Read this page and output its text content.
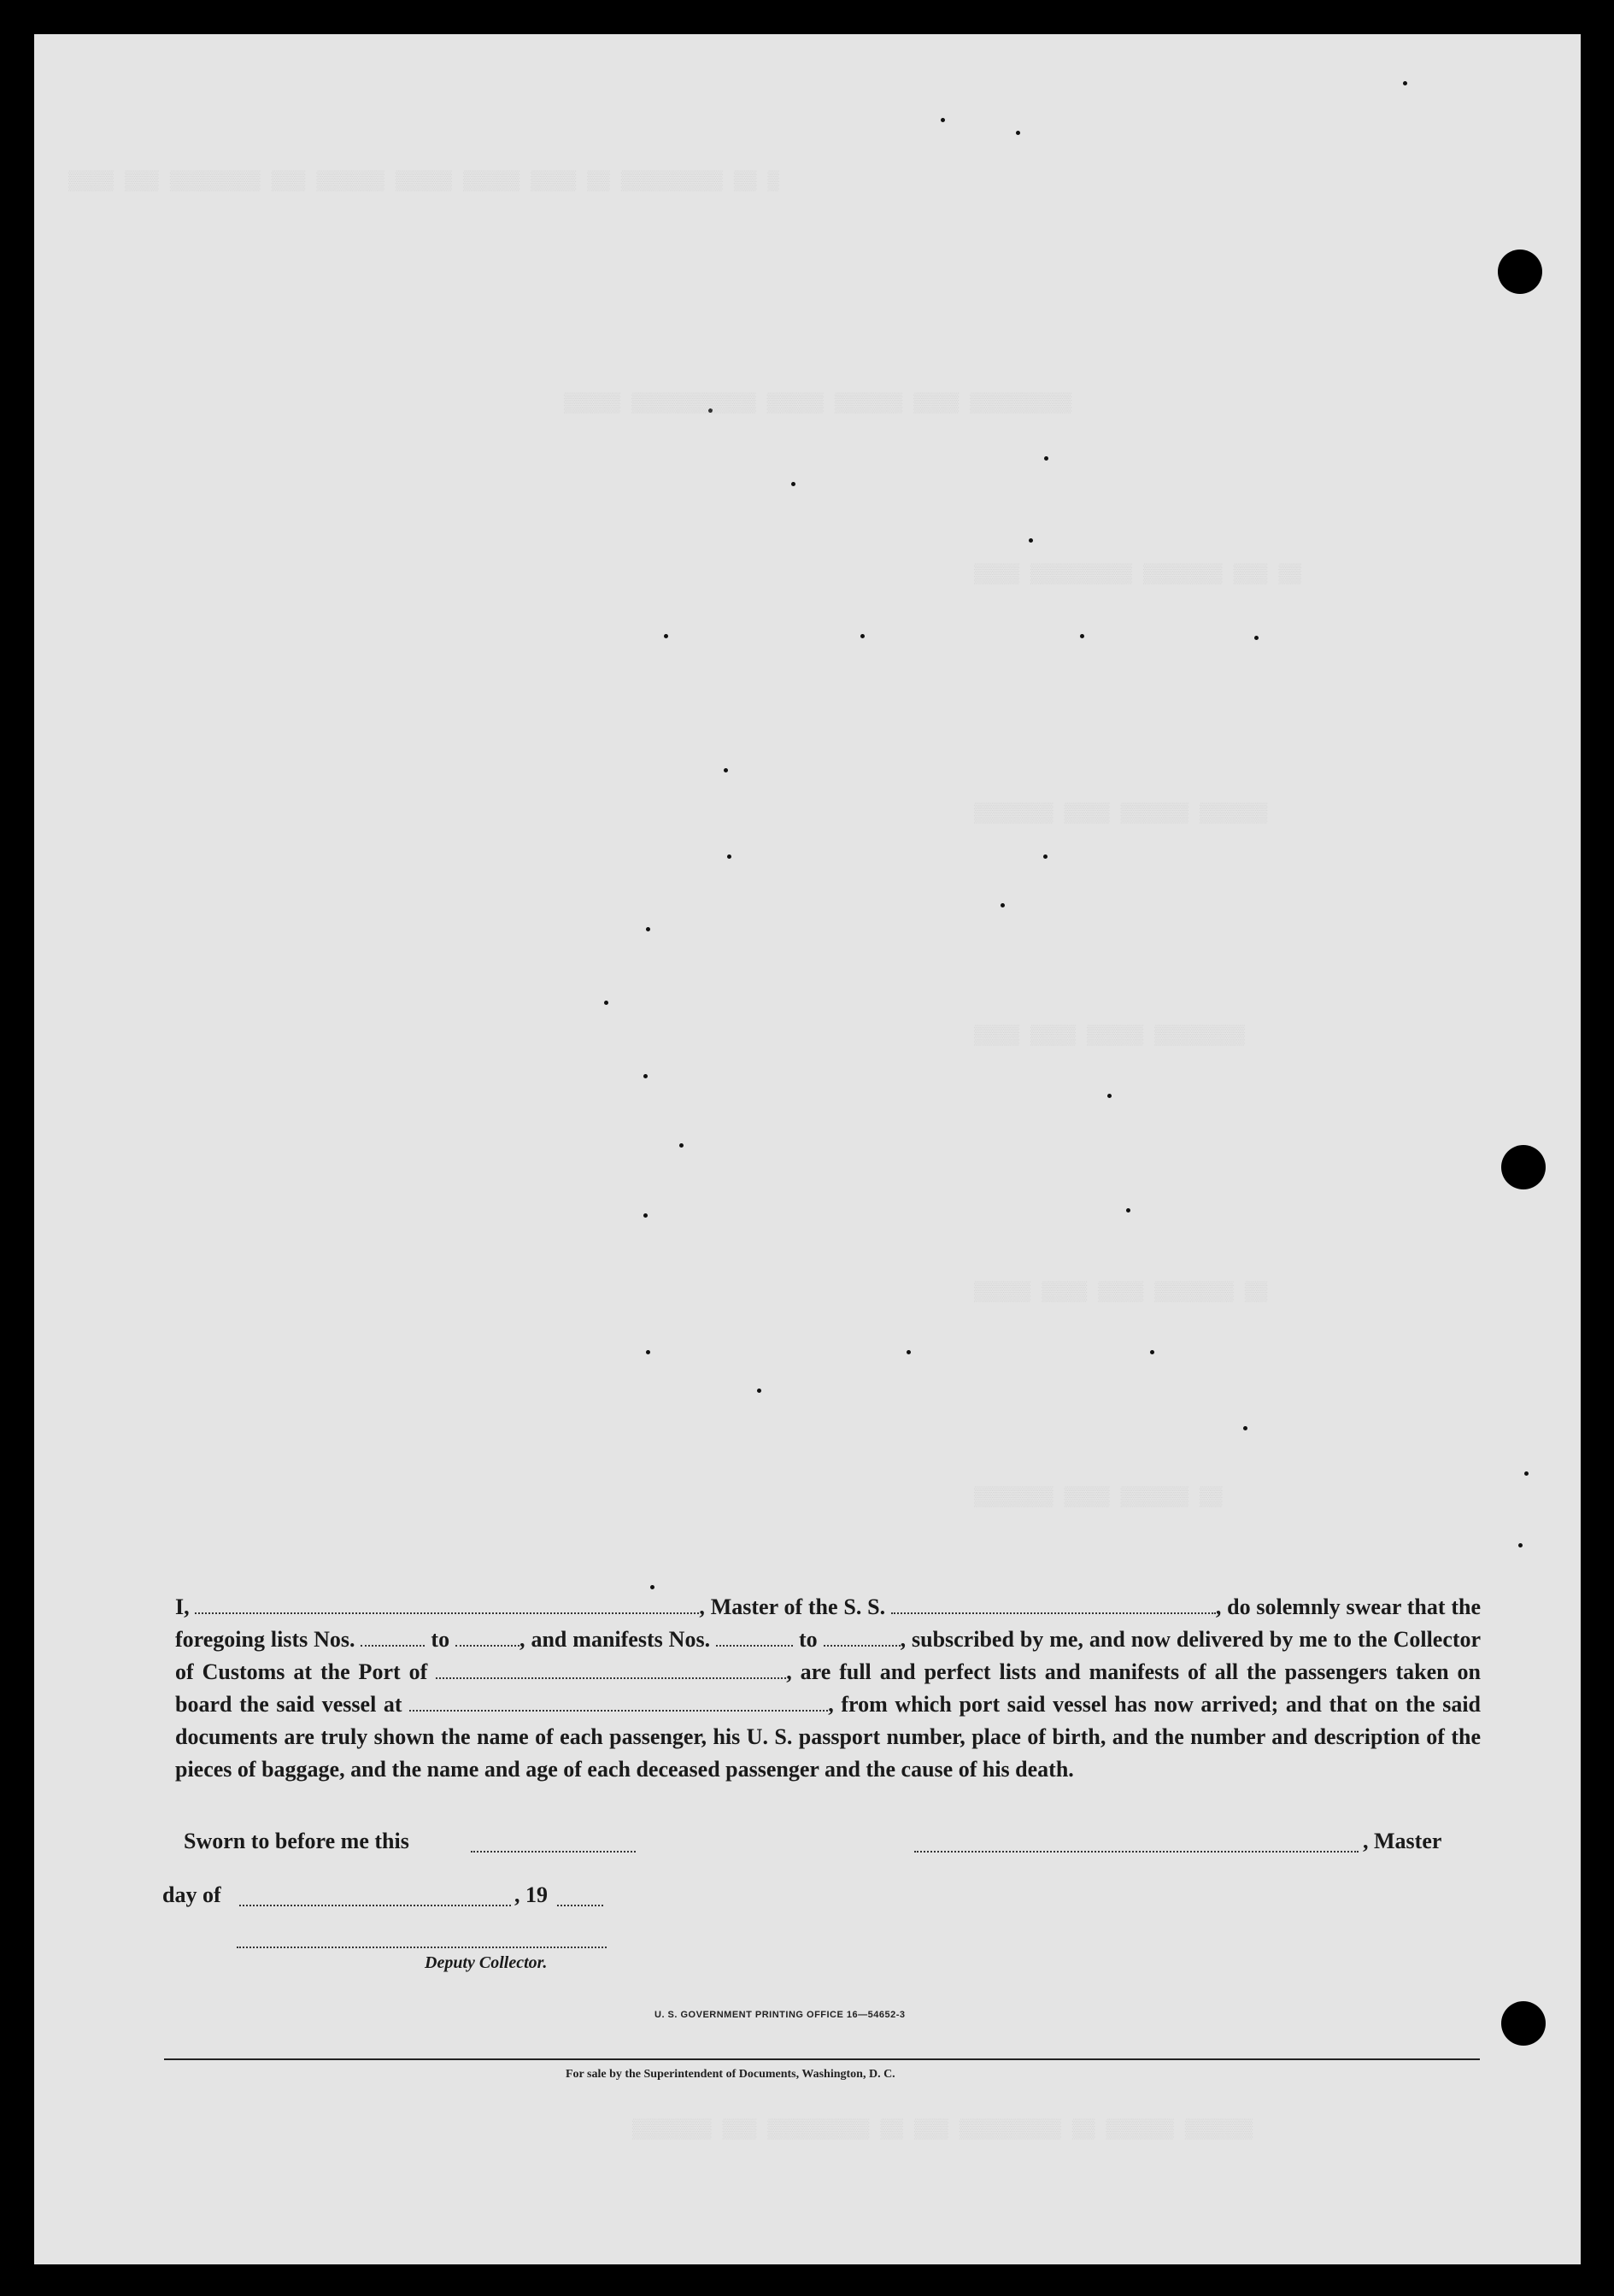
▒▒▒▒ ▒▒▒ ▒▒▒▒▒▒▒▒ ▒▒▒ ▒▒▒▒▒▒ ▒▒▒▒▒ ▒▒▒▒▒ ▒▒▒▒ ▒▒ ▒▒▒▒▒▒▒▒▒ ▒▒ ▒
▒▒▒▒▒ ▒▒▒▒▒▒▒▒▒▒▒ ▒▒▒▒▒ ▒▒▒▒▒▒ ▒▒▒▒ ▒▒▒▒▒▒▒▒▒
▒▒▒▒ ▒▒▒▒▒▒▒▒▒ ▒▒▒▒▒▒▒ ▒▒▒ ▒▒
▒▒▒▒▒▒▒ ▒▒▒▒ ▒▒▒▒▒▒ ▒▒▒▒▒▒
▒▒▒▒ ▒▒▒▒ ▒▒▒▒▒ ▒▒▒▒▒▒▒▒
▒▒▒▒▒ ▒▒▒▒ ▒▒▒▒ ▒▒▒▒▒▒▒ ▒▒
▒▒▒▒▒▒▒ ▒▒▒▒ ▒▒▒▒▒▒ ▒▒
▒▒▒▒▒▒▒ ▒▒▒ ▒▒▒▒▒▒▒▒▒ ▒▒ ▒▒▒ ▒▒▒▒▒▒▒▒▒ ▒▒ ▒▒▒▒▒▒ ▒▒▒▒▒▒
I,	, Master of the S. S.	, do solemnly swear that the foregoing lists Nos.	to	, and manifests Nos.	to	, subscribed by me, and now delivered by me to the Collector of Customs at the Port of	, are full and perfect lists and manifests of all the passengers taken on board the said vessel at	, from which port said vessel has now arrived; and that on the said documents are truly shown the name of each passenger, his U. S. passport number, place of birth, and the number and description of the pieces of baggage, and the name and age of each deceased passenger and the cause of his death.
Sworn to before me this	, Master
day of	, 19
Deputy Collector.
U. S. GOVERNMENT PRINTING OFFICE 16—54652-3
For sale by the Superintendent of Documents, Washington, D. C.
